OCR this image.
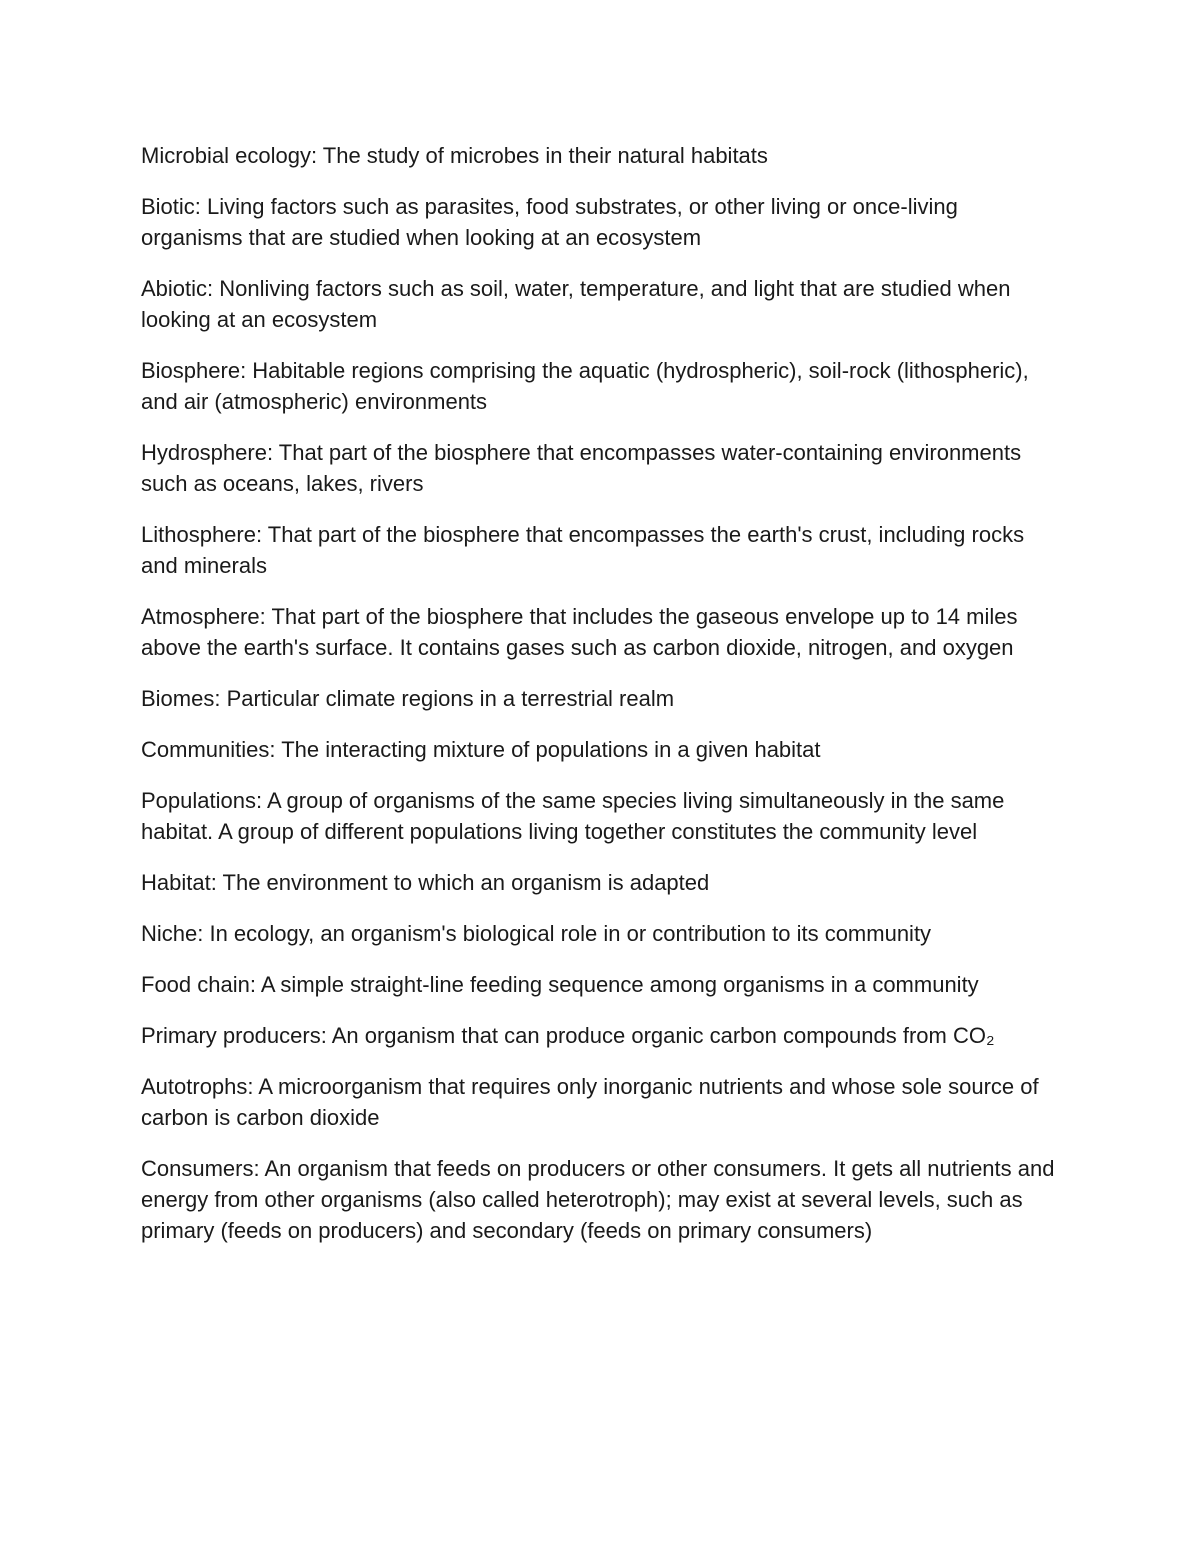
Microbial ecology: The study of microbes in their natural habitats

Biotic: Living factors such as parasites, food substrates, or other living or once-living organisms that are studied when looking at an ecosystem

Abiotic: Nonliving factors such as soil, water, temperature, and light that are studied when looking at an ecosystem

Biosphere: Habitable regions comprising the aquatic (hydrospheric), soil-rock (lithospheric), and air (atmospheric) environments

Hydrosphere: That part of the biosphere that encompasses water-containing environments such as oceans, lakes, rivers

Lithosphere: That part of the biosphere that encompasses the earth's crust, including rocks and minerals

Atmosphere: That part of the biosphere that includes the gaseous envelope up to 14 miles above the earth's surface. It contains gases such as carbon dioxide, nitrogen, and oxygen

Biomes: Particular climate regions in a terrestrial realm

Communities: The interacting mixture of populations in a given habitat

Populations: A group of organisms of the same species living simultaneously in the same habitat. A group of different populations living together constitutes the community level

Habitat: The environment to which an organism is adapted

Niche: In ecology, an organism's biological role in or contribution to its community

Food chain: A simple straight-line feeding sequence among organisms in a community

Primary producers: An organism that can produce organic carbon compounds from CO₂

Autotrophs: A microorganism that requires only inorganic nutrients and whose sole source of carbon is carbon dioxide

Consumers: An organism that feeds on producers or other consumers. It gets all nutrients and energy from other organisms (also called heterotroph); may exist at several levels, such as primary (feeds on producers) and secondary (feeds on primary consumers)
